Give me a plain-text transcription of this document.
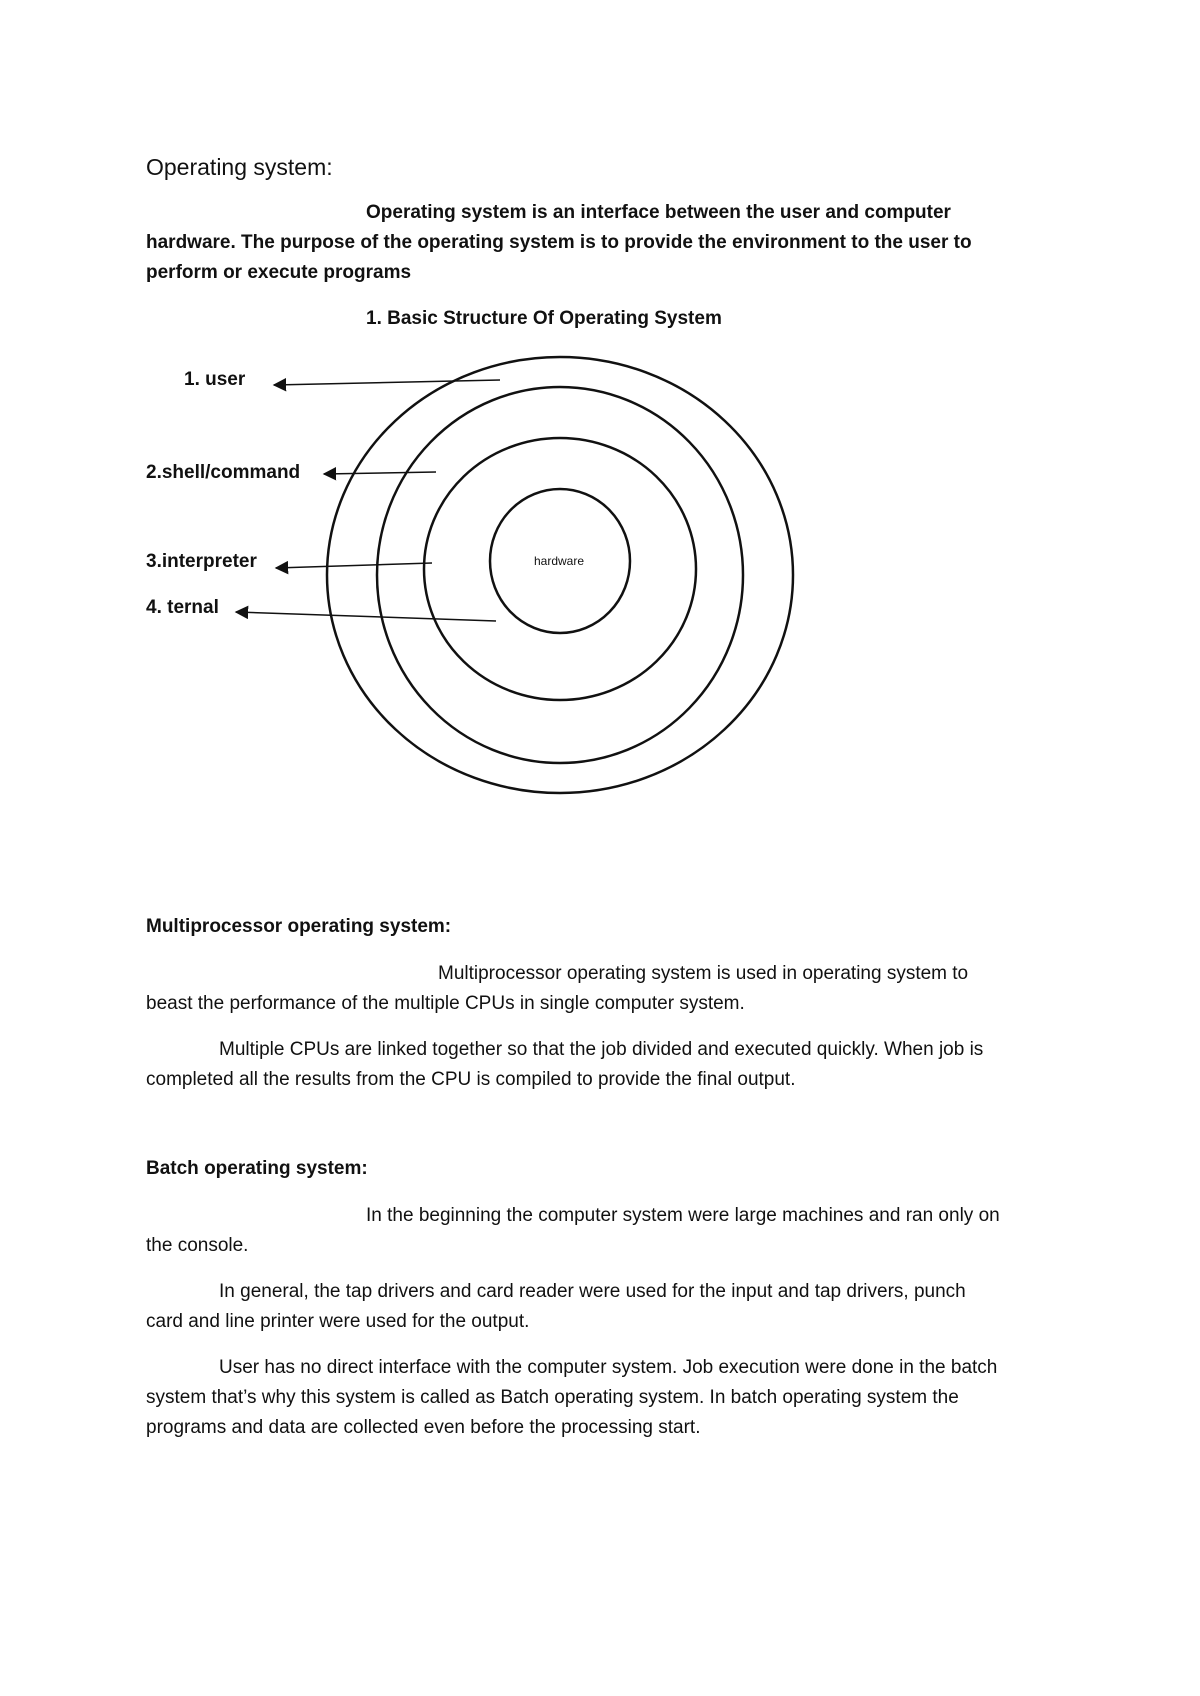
Operating system:

Operating system is an interface between the user and computer

hardware. The purpose of the operating system is to provide the environment to the user to

perform or execute programs

1. Basic Structure Of Operating System

1. user
2.shell/command
3.interpreter
4. ternal
hardware

Multiprocessor operating system:

Multiprocessor operating system is used in operating system to

beast the performance of the multiple CPUs in single computer system.

Multiple CPUs are linked together so that the job divided and executed quickly. When job is

completed all the results from the CPU is compiled to provide the final output.

Batch operating system:

In the beginning the computer system were large machines and ran only on

the console.

In general, the tap drivers and card reader were used for the input and tap drivers, punch

card and line printer were used for the output.

User has no direct interface with the computer system. Job execution were done in the batch

system that’s why this system is called as Batch operating system. In batch operating system the

programs and data are collected even before the processing start.
